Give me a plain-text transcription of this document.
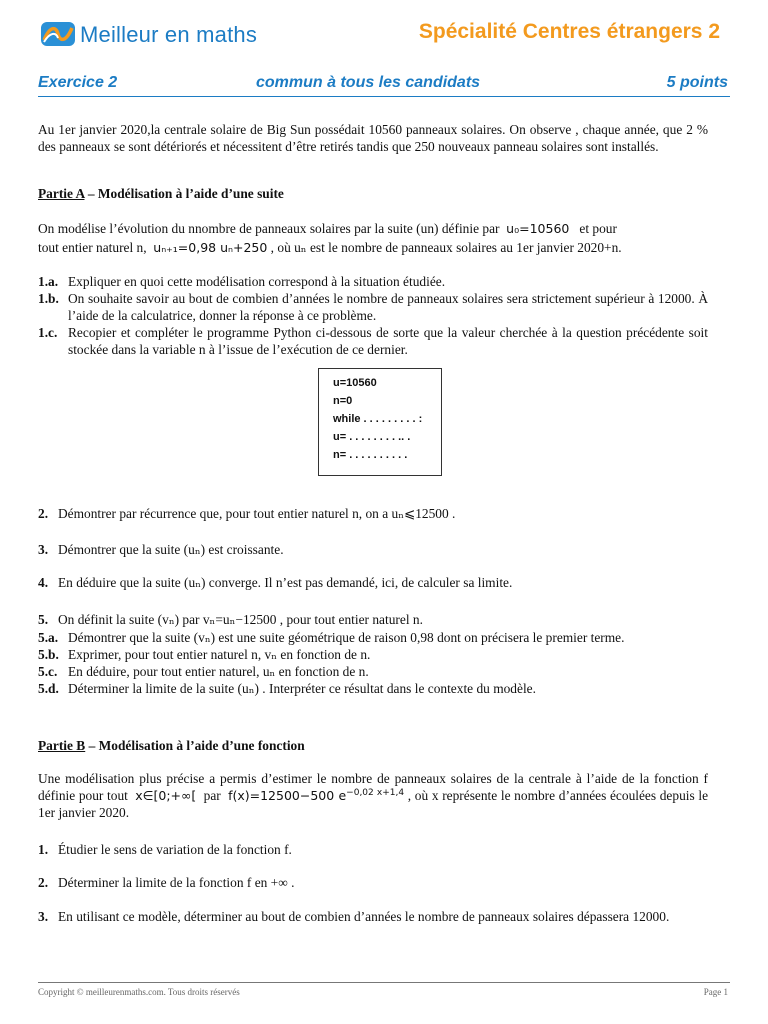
Meilleur en maths	Spécialité Centres étrangers 2
Exercice 2	commun à tous les candidats	5 points
Au 1er janvier 2020,la centrale solaire de Big Sun possédait 10560 panneaux solaires. On observe , chaque année, que 2 % des panneaux se sont détériorés et nécessitent d’être retirés tandis que 250 nouveaux panneau solaires sont installés.
Partie A – Modélisation à l’aide d’une suite
On modélise l’évolution du nnombre de panneaux solaires par la suite (un) définie par u₀=10560 et pour
tout entier naturel n, uₙ₊₁=0,98 uₙ+250 , où uₙ est le nombre de panneaux solaires au 1er janvier 2020+n.
1.a. Expliquer en quoi cette modélisation correspond à la situation étudiée.
1.b. On souhaite savoir au bout de combien d’années le nombre de panneaux solaires sera strictement supérieur à 12000. À l’aide de la calculatrice, donner la réponse à ce problème.
1.c. Recopier et compléter le programme Python ci-dessous de sorte que la valeur cherchée à la question précédente soit stockée dans la variable n à l’issue de l’exécution de ce dernier.
u=10560
n=0
while . . . . . . . . . :
u= . . . . . . . . .. .
n= . . . . . . . . . .
2. Démontrer par récurrence que, pour tout entier naturel n, on a uₙ⩽12500 .
3. Démontrer que la suite (uₙ) est croissante.
4. En déduire que la suite (uₙ) converge. Il n’est pas demandé, ici, de calculer sa limite.
5. On définit la suite (vₙ) par vₙ=uₙ−12500 , pour tout entier naturel n.
5.a. Démontrer que la suite (vₙ) est une suite géométrique de raison 0,98 dont on précisera le premier terme.
5.b. Exprimer, pour tout entier naturel n, vₙ en fonction de n.
5.c. En déduire, pour tout entier naturel, uₙ en fonction de n.
5.d. Déterminer la limite de la suite (uₙ) . Interpréter ce résultat dans le contexte du modèle.
Partie B – Modélisation à l’aide d’une fonction
Une modélisation plus précise a permis d’estimer le nombre de panneaux solaires de la centrale à l’aide de la fonction f définie pour tout x∈[0;+∞[ par f(x)=12500−500 $e^{-0,02 x+1,4}$ , où x représente le nombre d’années écoulées depuis le 1er janvier 2020.
1. Étudier le sens de variation de la fonction f.
2. Déterminer la limite de la fonction f en +∞ .
3. En utilisant ce modèle, déterminer au bout de combien d’années le nombre de panneaux solaires dépassera 12000.
Copyright © meilleurenmaths.com. Tous droits réservés	Page 1
